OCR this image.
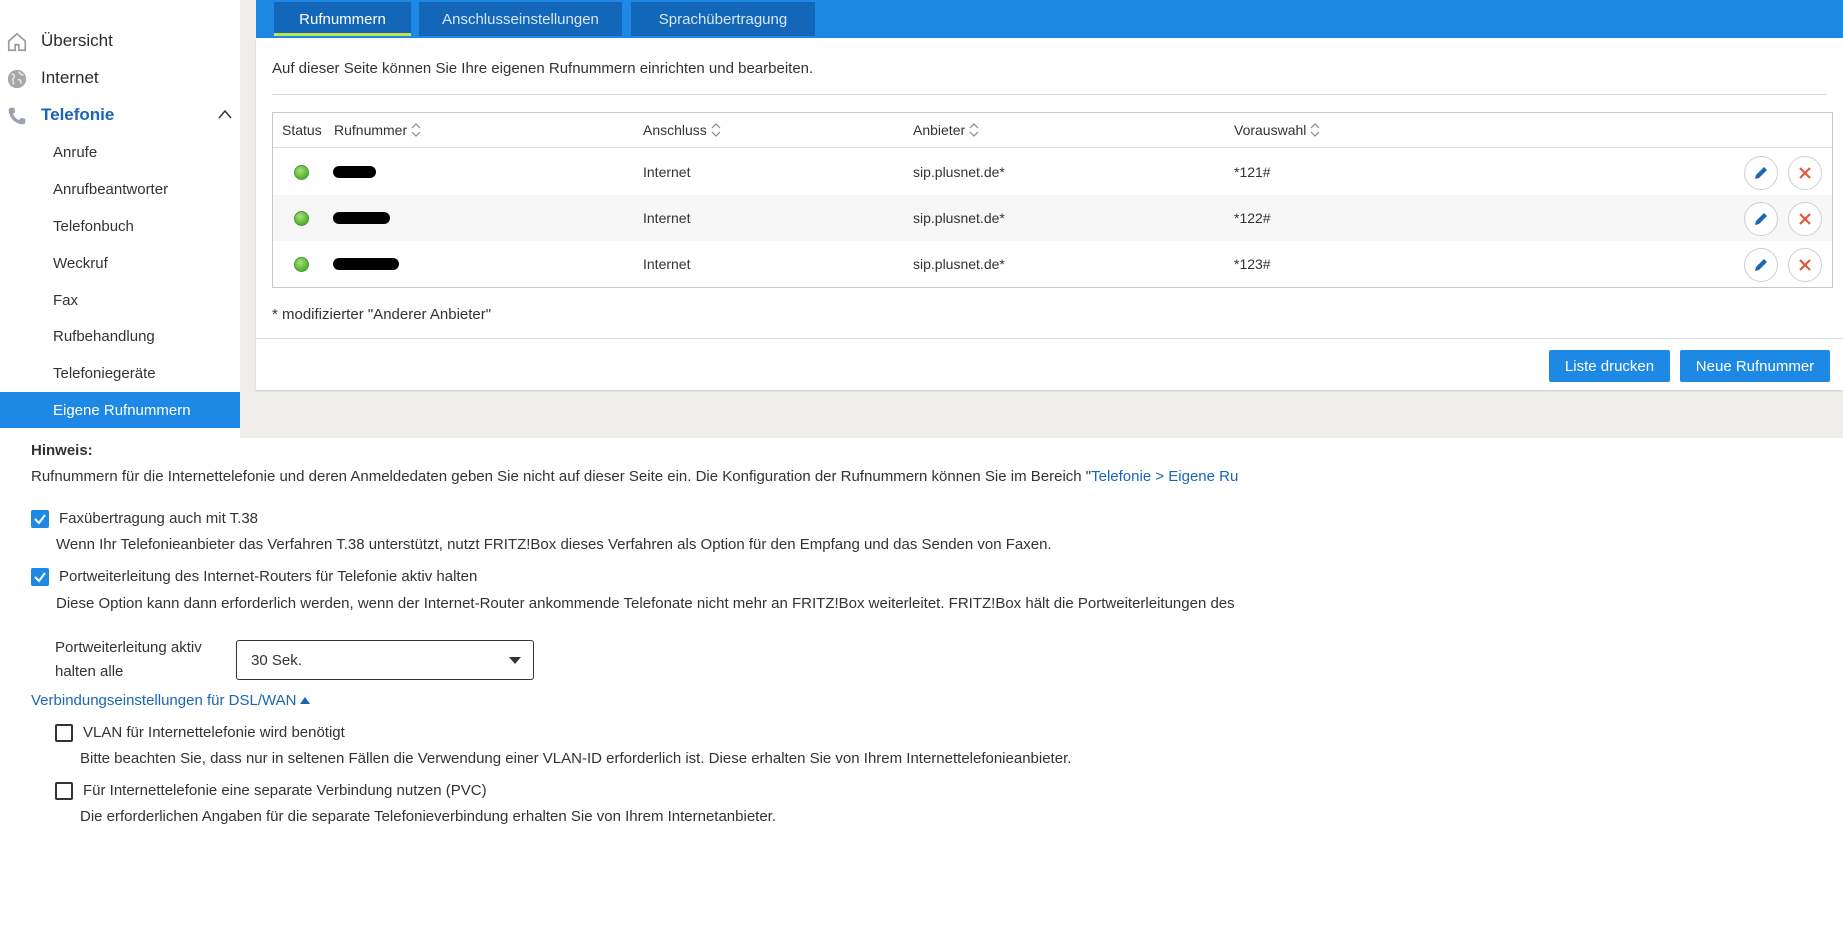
Übersicht
Internet
Telefonie
Anrufe
Anrufbeantworter
Telefonbuch
Weckruf
Fax
Rufbehandlung
Telefoniegeräte
Eigene Rufnummern
Rufnummern	Anschlusseinstellungen	Sprachübertragung
Auf dieser Seite können Sie Ihre eigenen Rufnummern einrichten und bearbeiten.
Status Rufnummer	Anschluss	Anbieter	Vorauswahl
Internet	sip.plusnet.de*	*121#
Internet	sip.plusnet.de*	*122#
Internet	sip.plusnet.de*	*123#
* modifizierter "Anderer Anbieter"
Liste drucken	Neue Rufnummer
Hinweis:
Rufnummern für die Internettelefonie und deren Anmeldedaten geben Sie nicht auf dieser Seite ein. Die Konfiguration der Rufnummern können Sie im Bereich "Telefonie > Eigene Ru
Faxübertragung auch mit T.38
Wenn Ihr Telefonieanbieter das Verfahren T.38 unterstützt, nutzt FRITZ!Box dieses Verfahren als Option für den Empfang und das Senden von Faxen.
Portweiterleitung des Internet-Routers für Telefonie aktiv halten
Diese Option kann dann erforderlich werden, wenn der Internet-Router ankommende Telefonate nicht mehr an FRITZ!Box weiterleitet. FRITZ!Box hält die Portweiterleitungen des
Portweiterleitung aktiv halten alle
30 Sek.
Verbindungseinstellungen für DSL/WAN
VLAN für Internettelefonie wird benötigt
Bitte beachten Sie, dass nur in seltenen Fällen die Verwendung einer VLAN-ID erforderlich ist. Diese erhalten Sie von Ihrem Internettelefonieanbieter.
Für Internettelefonie eine separate Verbindung nutzen (PVC)
Die erforderlichen Angaben für die separate Telefonieverbindung erhalten Sie von Ihrem Internetanbieter.
